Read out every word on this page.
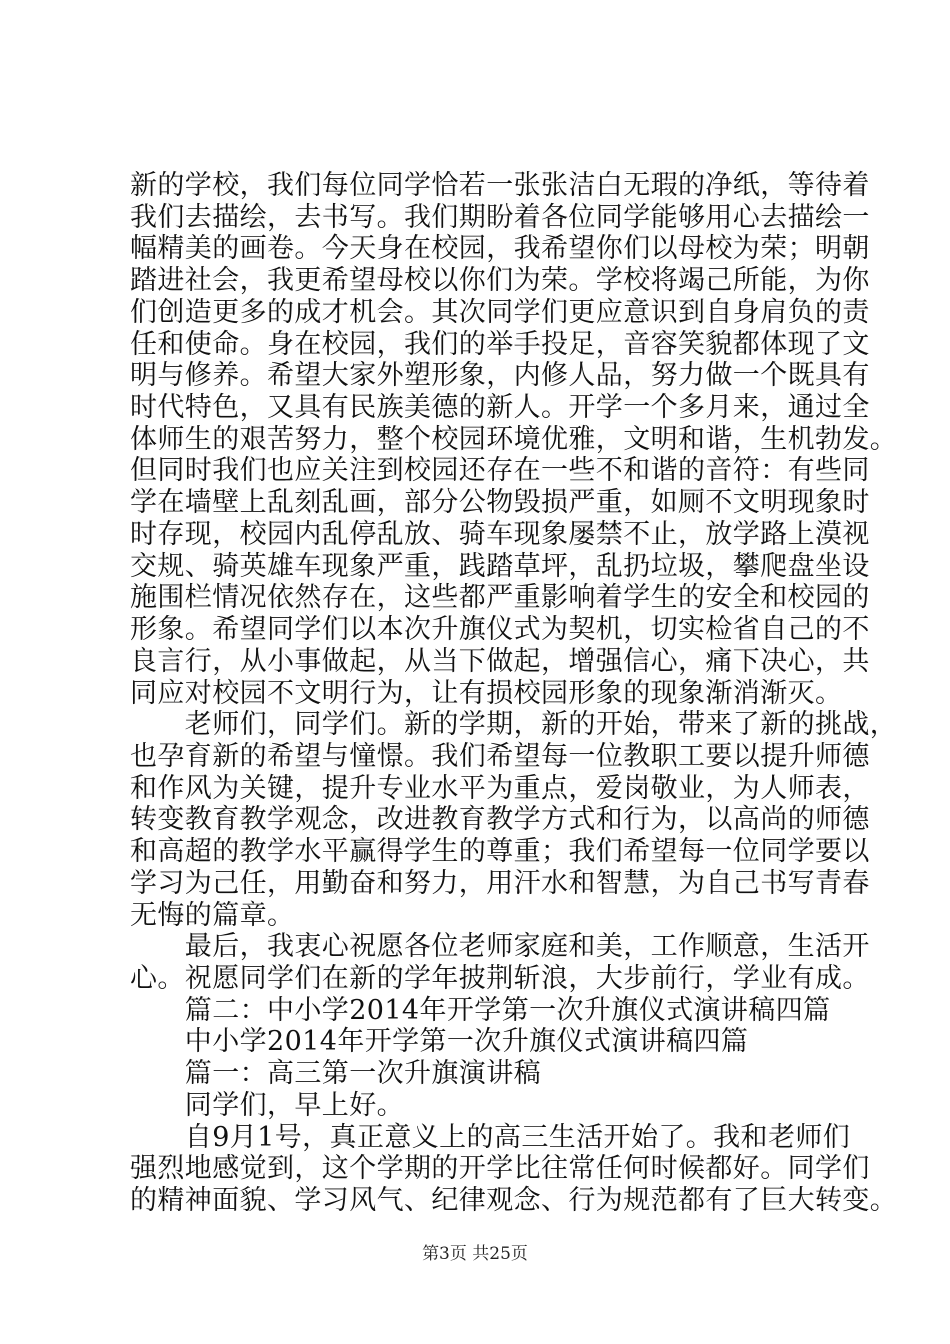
新的学校，我们每位同学恰若一张张洁白无瑕的净纸，等待着
我们去描绘，去书写。我们期盼着各位同学能够用心去描绘一
幅精美的画卷。今天身在校园，我希望你们以母校为荣；明朝
踏进社会，我更希望母校以你们为荣。学校将竭己所能，为你
们创造更多的成才机会。其次同学们更应意识到自身肩负的责
任和使命。身在校园，我们的举手投足，音容笑貌都体现了文
明与修养。希望大家外塑形象，内修人品，努力做一个既具有
时代特色，又具有民族美德的新人。开学一个多月来，通过全
体师生的艰苦努力，整个校园环境优雅，文明和谐，生机勃发。
但同时我们也应关注到校园还存在一些不和谐的音符：有些同
学在墙壁上乱刻乱画，部分公物毁损严重，如厕不文明现象时
时存现，校园内乱停乱放、骑车现象屡禁不止，放学路上漠视
交规、骑英雄车现象严重，践踏草坪，乱扔垃圾，攀爬盘坐设
施围栏情况依然存在，这些都严重影响着学生的安全和校园的
形象。希望同学们以本次升旗仪式为契机，切实检省自己的不
良言行，从小事做起，从当下做起，增强信心，痛下决心，共
同应对校园不文明行为，让有损校园形象的现象渐消渐灭。
　　老师们，同学们。新的学期，新的开始，带来了新的挑战，
也孕育新的希望与憧憬。我们希望每一位教职工要以提升师德
和作风为关键，提升专业水平为重点，爱岗敬业，为人师表，
转变教育教学观念，改进教育教学方式和行为，以高尚的师德
和高超的教学水平赢得学生的尊重；我们希望每一位同学要以
学习为己任，用勤奋和努力，用汗水和智慧，为自己书写青春
无悔的篇章。
　　最后，我衷心祝愿各位老师家庭和美，工作顺意，生活开
心。祝愿同学们在新的学年披荆斩浪，大步前行，学业有成。
　　篇二：中小学2014年开学第一次升旗仪式演讲稿四篇
　　中小学2014年开学第一次升旗仪式演讲稿四篇
　　篇一：高三第一次升旗演讲稿
　　同学们，早上好。
　　自9月1号，真正意义上的高三生活开始了。我和老师们
强烈地感觉到，这个学期的开学比往常任何时候都好。同学们
的精神面貌、学习风气、纪律观念、行为规范都有了巨大转变。
第3页 共25页
